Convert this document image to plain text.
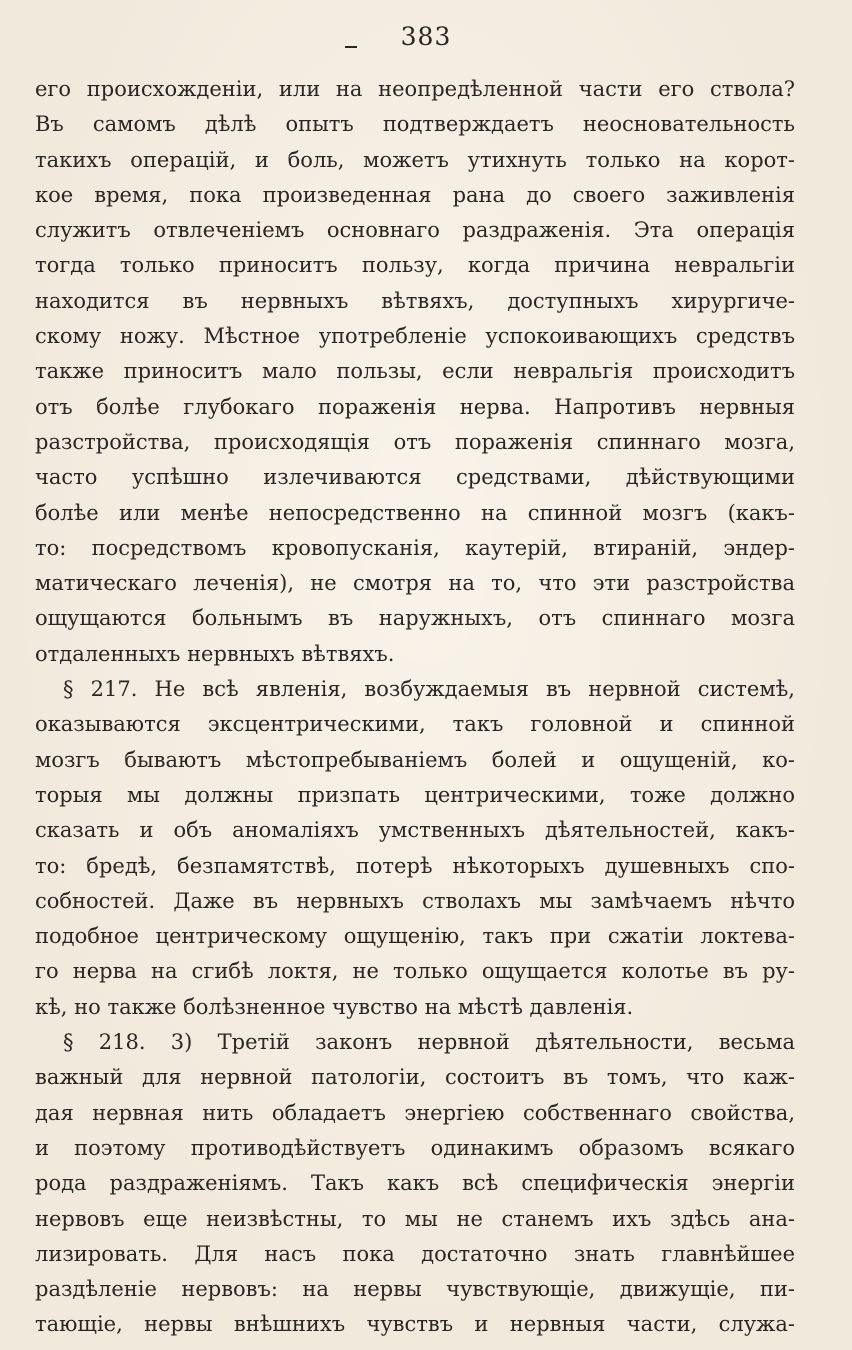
383
его происхожденіи, или на неопредѣленной части его ствола?
Въ самомъ дѣлѣ опытъ подтверждаетъ неосновательность
такихъ операцій, и боль, можетъ утихнуть только на корот-
кое время, пока произведенная рана до своего заживленія
служитъ отвлеченіемъ основнаго раздраженія. Эта операція
тогда только приноситъ пользу, когда причина невральгіи
находится въ нервныхъ вѣтвяхъ, доступныхъ хирургиче-
скому ножу. Мѣстное употребленіе успокоивающихъ средствъ
также приноситъ мало пользы, если невральгія происходитъ
отъ болѣе глубокаго пораженія нерва. Напротивъ нервныя
разстройства, происходящія отъ пораженія спиннаго мозга,
часто успѣшно излечиваются средствами, дѣйствующими
болѣе или менѣе непосредственно на спинной мозгъ (какъ-
то: посредствомъ кровопусканія, каутерій, втираній, эндер-
матическаго леченія), не смотря на то, что эти разстройства
ощущаются больнымъ въ наружныхъ, отъ спиннаго мозга
отдаленныхъ нервныхъ вѣтвяхъ.
§ 217. Не всѣ явленія, возбуждаемыя въ нервной системѣ,
оказываются эксцентрическими, такъ головной и спинной
мозгъ бываютъ мѣстопребываніемъ болей и ощущеній, ко-
торыя мы должны призпать центрическими, тоже должно
сказать и объ аномаліяхъ умственныхъ дѣятельностей, какъ-
то: бредѣ, безпамятствѣ, потерѣ нѣкоторыхъ душевныхъ спо-
собностей. Даже въ нервныхъ стволахъ мы замѣчаемъ нѣчто
подобное центрическому ощущенію, такъ при сжатіи локтева-
го нерва на сгибѣ локтя, не только ощущается колотье въ ру-
кѣ, но также болѣзненное чувство на мѣстѣ давленія.
§ 218. 3) Третій законъ нервной дѣятельности, весьма
важный для нервной патологіи, состоитъ въ томъ, что каж-
дая нервная нить обладаетъ энергіею собственнаго свойства,
и поэтому противодѣйствуетъ одинакимъ образомъ всякаго
рода раздраженіямъ. Такъ какъ всѣ специфическія энергіи
нервовъ еще неизвѣстны, то мы не станемъ ихъ здѣсь ана-
лизировать. Для насъ пока достаточно знать главнѣйшее
раздѣленіе нервовъ: на нервы чувствующіе, движущіе, пи-
тающіе, нервы внѣшнихъ чувствъ и нервныя части, служа-
